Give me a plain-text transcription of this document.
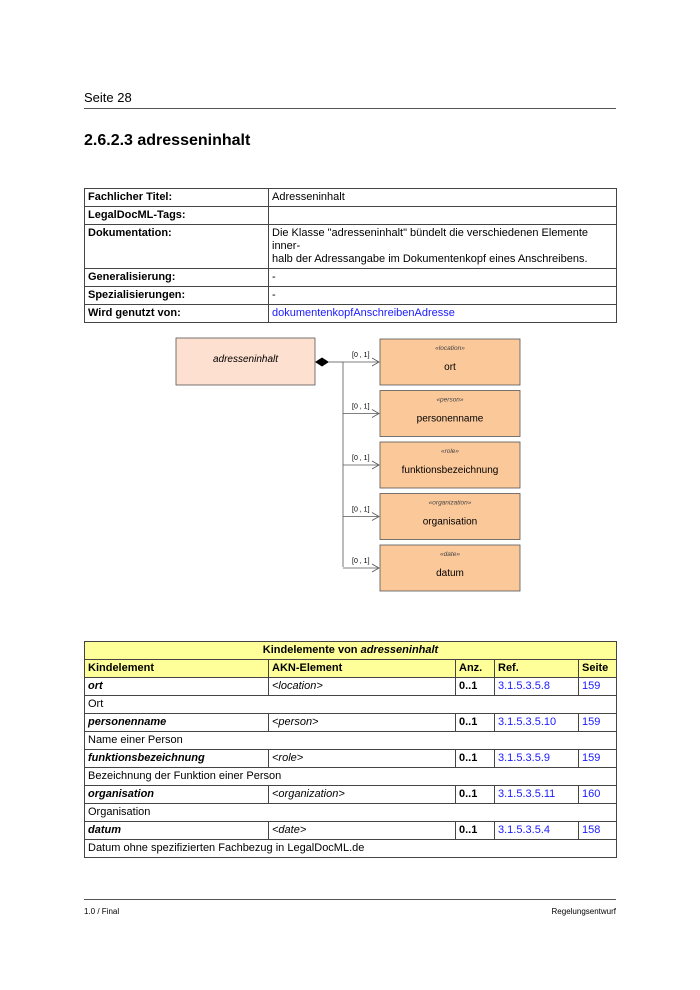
Seite 28
2.6.2.3 adresseninhalt
Fachlicher Titel:	Adresseninhalt
LegalDocML-Tags:	
Dokumentation:	Die Klasse "adresseninhalt" bündelt die verschiedenen Elemente inner-
halb der Adressangabe im Dokumentenkopf eines Anschreibens.
Generalisierung:	-
Spezialisierungen:	-
Wird genutzt von:	dokumentenkopfAnschreibenAdresse
adresseninhalt
«location»
ort
[0 , 1]
«person»
personenname
[0 , 1]
«role»
funktionsbezeichnung
[0 , 1]
«organization»
organisation
[0 , 1]
«date»
datum
[0 , 1]
Kindelemente von adresseninhalt				
Kindelement	AKN-Element	Anz.	Ref.	Seite
ort	<location>	0..1	3.1.5.3.5.8	159
Ort				
personenname	<person>	0..1	3.1.5.3.5.10	159
Name einer Person				
funktionsbezeichnung	<role>	0..1	3.1.5.3.5.9	159
Bezeichnung der Funktion einer Person				
organisation	<organization>	0..1	3.1.5.3.5.11	160
Organisation				
datum	<date>	0..1	3.1.5.3.5.4	158
Datum ohne spezifizierten Fachbezug in LegalDocML.de				
1.0 / Final	Regelungsentwurf
